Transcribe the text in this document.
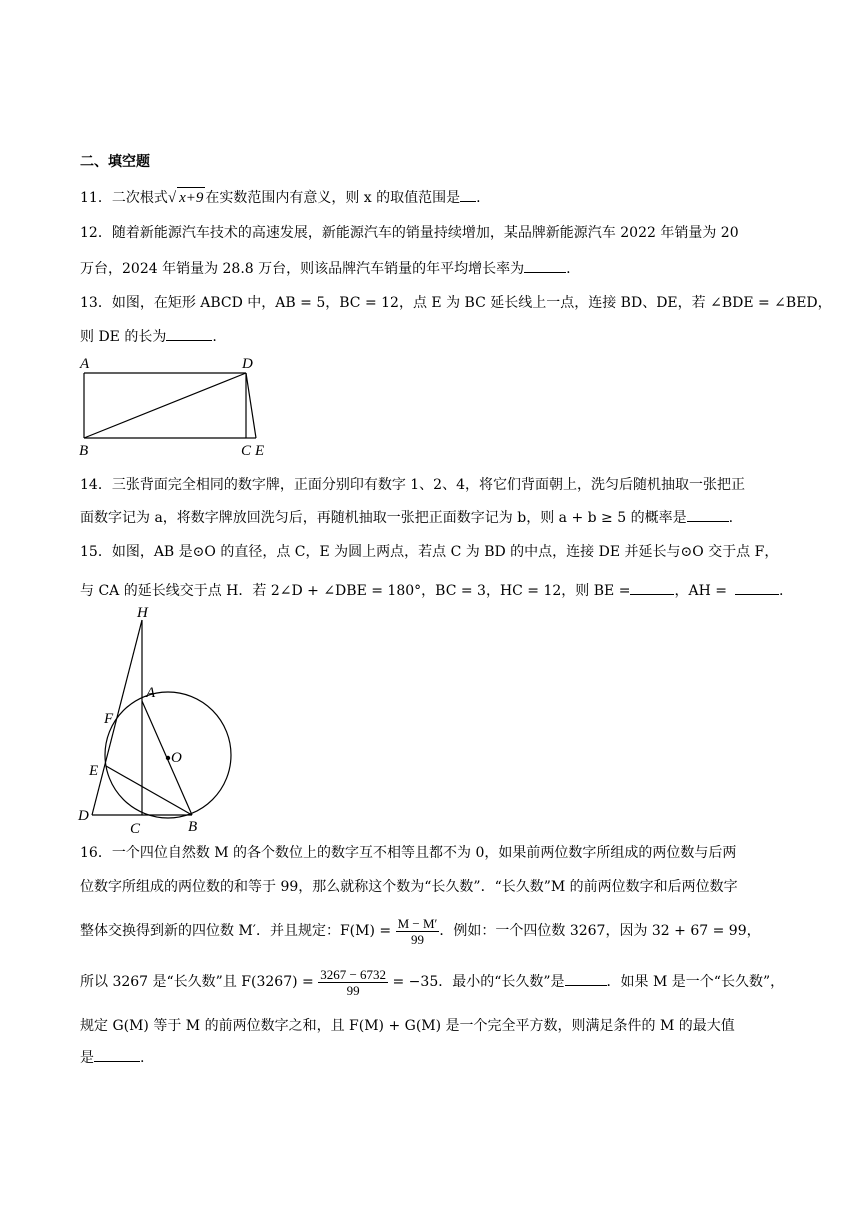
二、填空题
11．二次根式√ x+9 在实数范围内有意义，则 x 的取值范围是 .
12．随着新能源汽车技术的高速发展，新能源汽车的销量持续增加，某品牌新能源汽车 2022 年销量为 20
万台，2024 年销量为 28.8 万台，则该品牌汽车销量的年平均增长率为	.
13．如图，在矩形 ABCD 中，AB = 5，BC = 12，点 E 为 BC 延长线上一点，连接 BD、DE，若 ∠BDE = ∠BED，
则 DE 的长为	.
A	D
B	C E
14．三张背面完全相同的数字牌，正面分别印有数字 1、2、4，将它们背面朝上，洗匀后随机抽取一张把正
面数字记为 a，将数字牌放回洗匀后，再随机抽取一张把正面数字记为 b，则 a + b ≥ 5 的概率是	.
15．如图，AB 是⊙O 的直径，点 C，E 为圆上两点，若点 C 为 BD 的中点，连接 DE 并延长与⊙O 交于点 F，
与 CA 的延长线交于点 H．若 2∠D + ∠DBE = 180°，BC = 3，HC = 12，则 BE =	，AH =	.
H
A
F
O
E
D
C	B
16．一个四位自然数 M 的各个数位上的数字互不相等且都不为 0，如果前两位数字所组成的两位数与后两
位数字所组成的两位数的和等于 99，那么就称这个数为“长久数”．“长久数”M 的前两位数字和后两位数字
整体交换得到新的四位数 M′．并且规定：$F(M) = \frac{M - M'}{99}$ ．例如：一个四位数 3267，因为 32 + 67 = 99，
所以 3267 是“长久数”且 $F(3267) = \frac{3267 - 6732}{99} = -35$．最小的“长久数”是	．如果 M 是一个“长久数”，
规定 G(M) 等于 M 的前两位数字之和，且 F(M) + G(M) 是一个完全平方数，则满足条件的 M 的最大值
是	.
